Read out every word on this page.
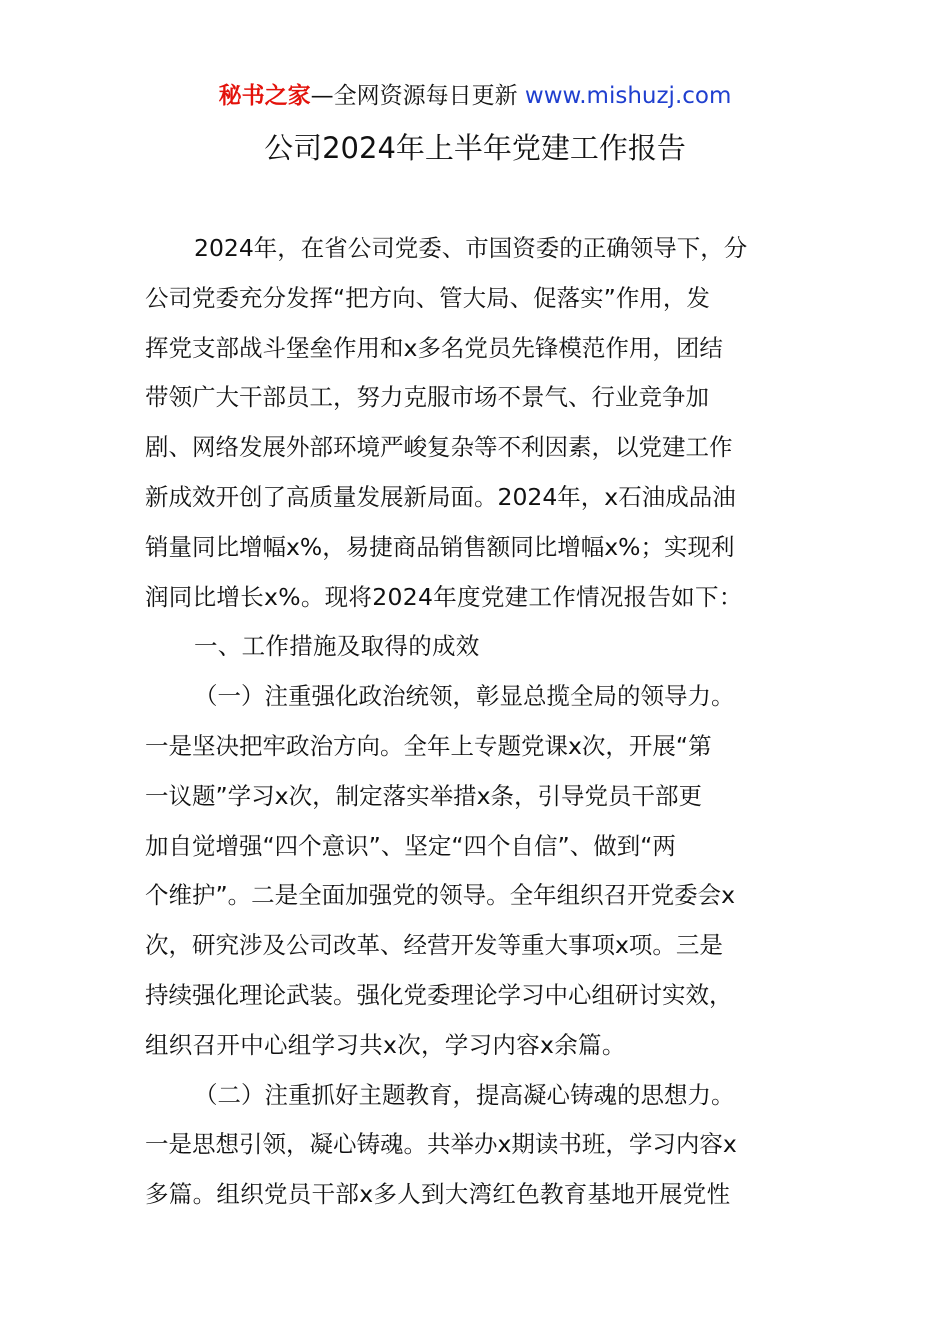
秘书之家—全网资源每日更新 www.mishuzj.com
公司2024年上半年党建工作报告
2024年，在省公司党委、市国资委的正确领导下，分
公司党委充分发挥“把方向、管大局、促落实”作用，发
挥党支部战斗堡垒作用和x多名党员先锋模范作用，团结
带领广大干部员工，努力克服市场不景气、行业竞争加
剧、网络发展外部环境严峻复杂等不利因素，以党建工作
新成效开创了高质量发展新局面。2024年，x石油成品油
销量同比增幅x%，易捷商品销售额同比增幅x%；实现利
润同比增长x%。现将2024年度党建工作情况报告如下：
一、工作措施及取得的成效
（一）注重强化政治统领，彰显总揽全局的领导力。
一是坚决把牢政治方向。全年上专题党课x次，开展“第
一议题”学习x次，制定落实举措x条，引导党员干部更
加自觉增强“四个意识”、坚定“四个自信”、做到“两
个维护”。二是全面加强党的领导。全年组织召开党委会x
次，研究涉及公司改革、经营开发等重大事项x项。三是
持续强化理论武装。强化党委理论学习中心组研讨实效，
组织召开中心组学习共x次，学习内容x余篇。
（二）注重抓好主题教育，提高凝心铸魂的思想力。
一是思想引领，凝心铸魂。共举办x期读书班，学习内容x
多篇。组织党员干部x多人到大湾红色教育基地开展党性
